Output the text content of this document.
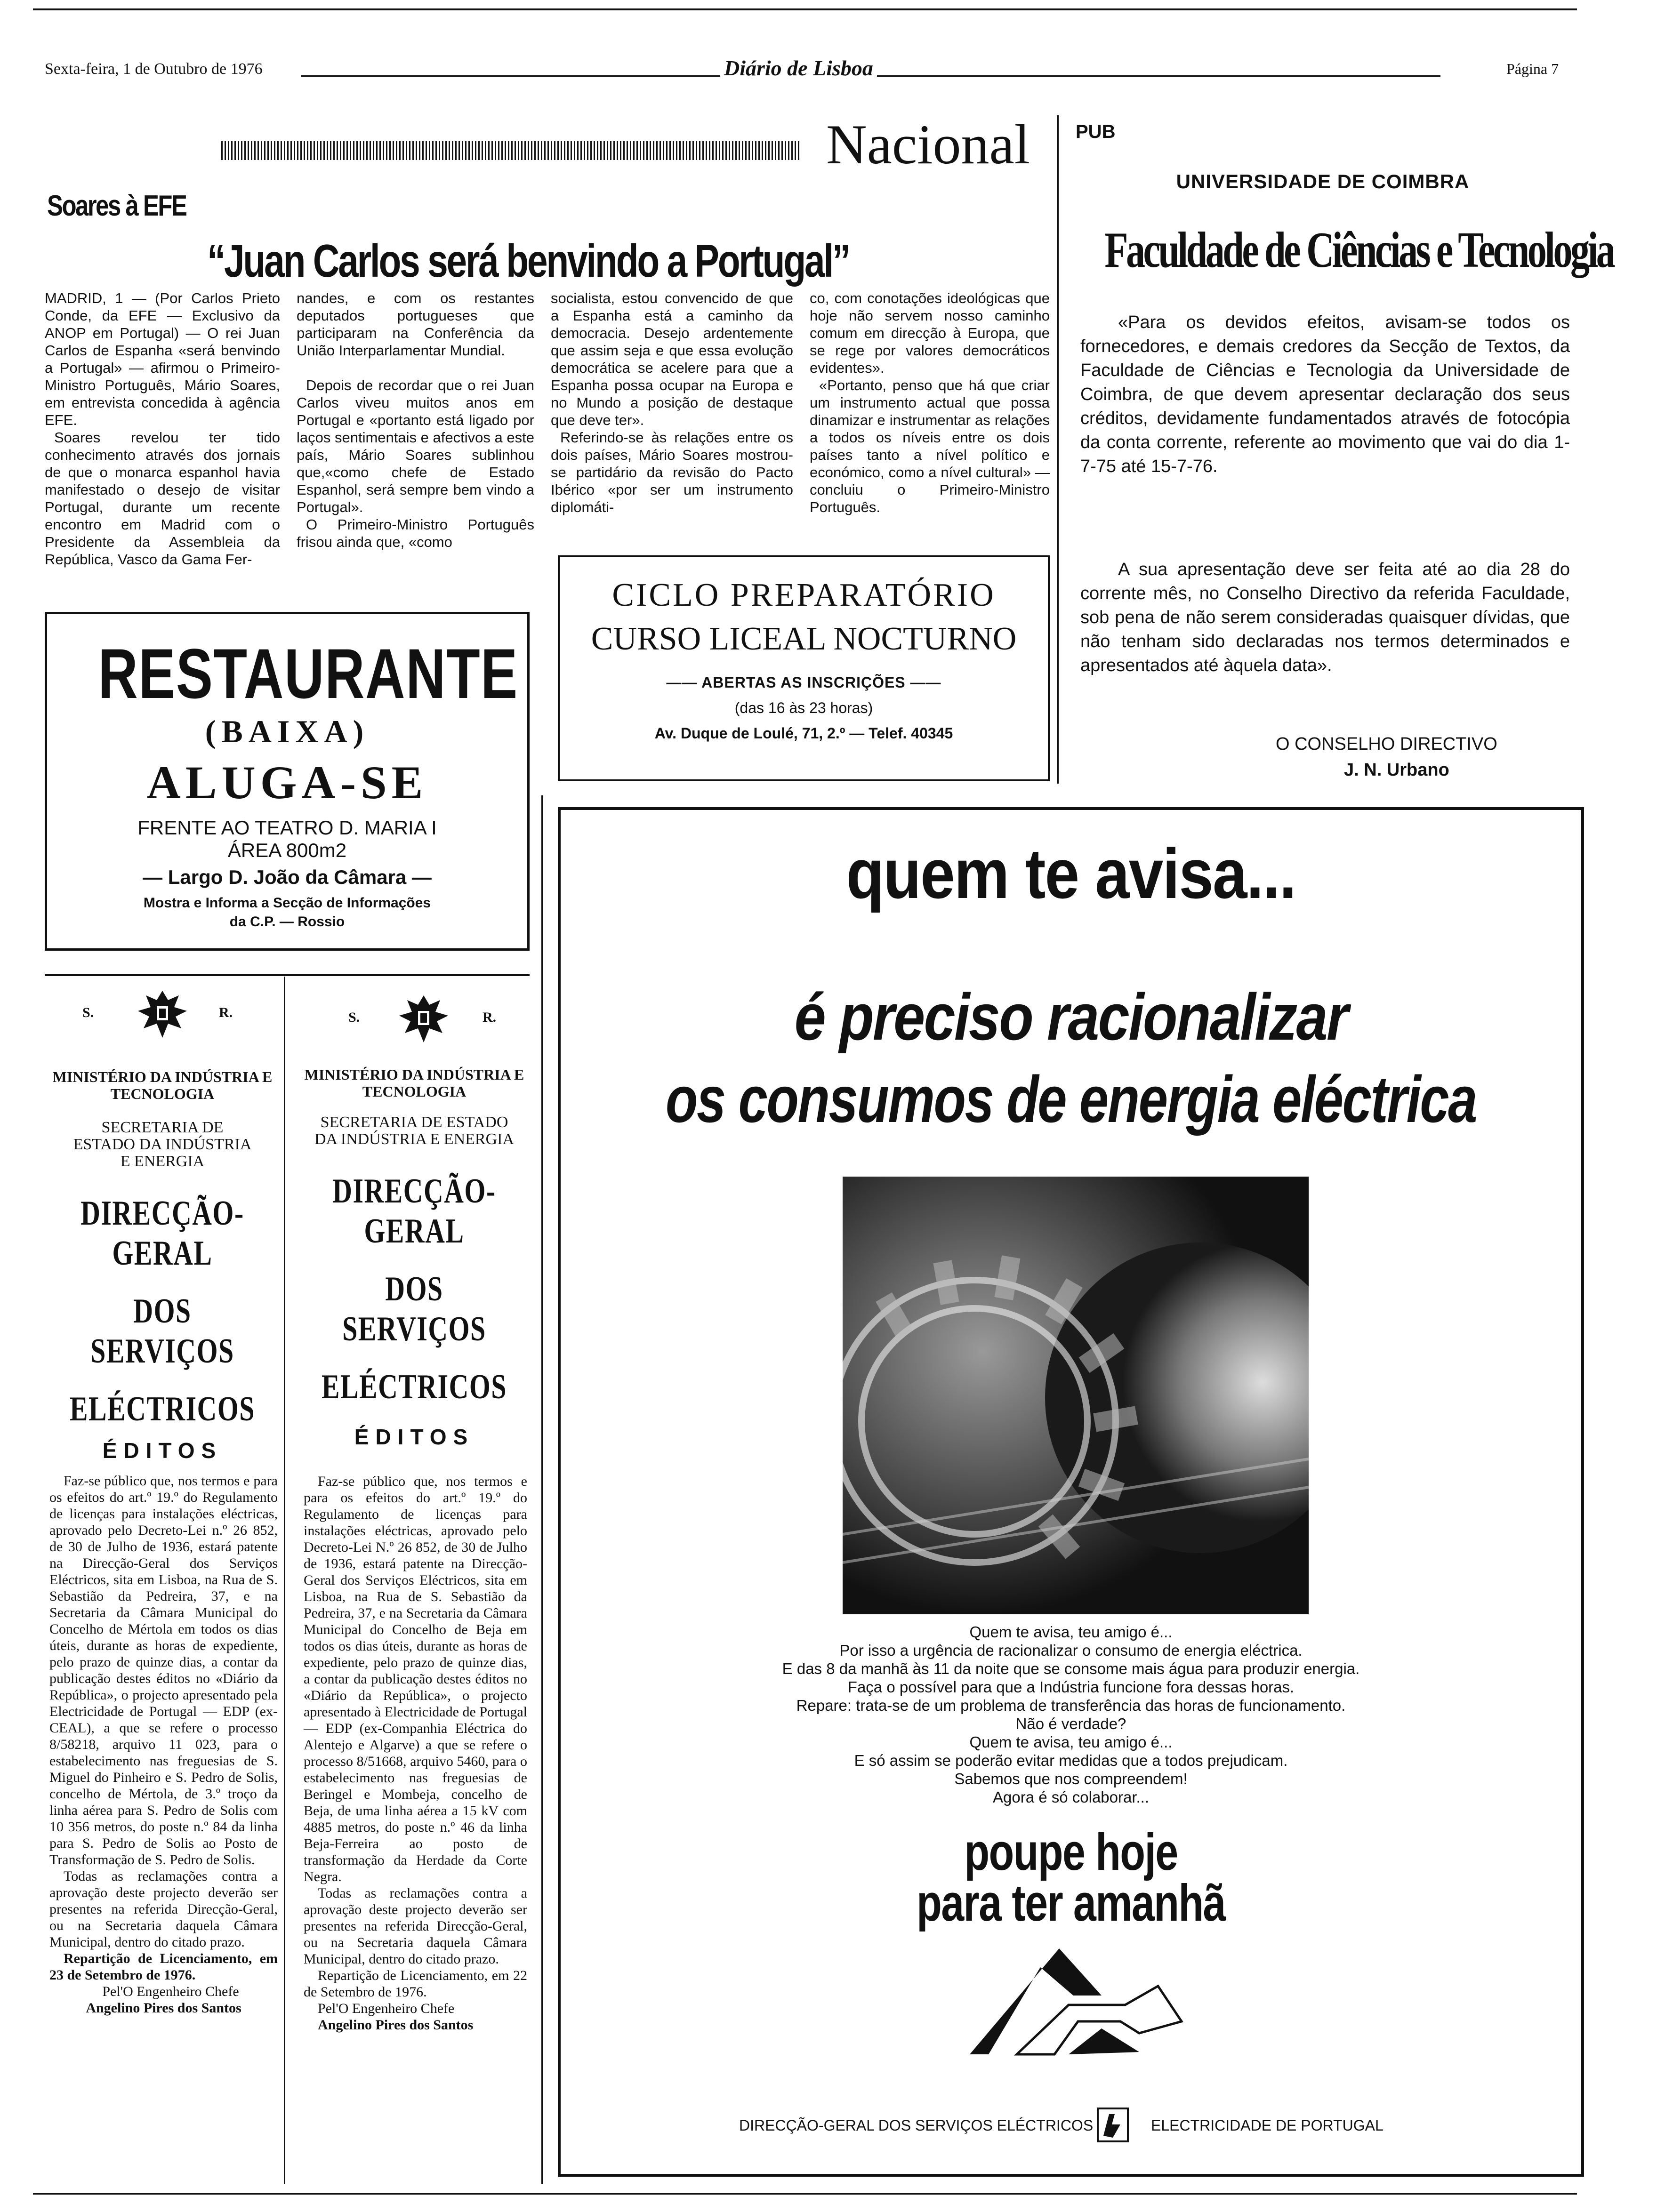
Sexta-feira, 1 de Outubro de 1976	Diário de Lisboa	Página 7
Nacional
Soares à EFE
“Juan Carlos será benvindo a Portugal”

MADRID, 1 — (Por Carlos Prieto Conde, da EFE — Exclusivo da ANOP em Portugal) — O rei Juan Carlos de Espanha «será benvindo a Portugal» — afirmou o Primeiro-Ministro Português, Mário Soares, em entrevista concedida à agência EFE.

Soares revelou ter tido conhecimento através dos jornais de que o monarca espanhol havia manifestado o desejo de visitar Portugal, durante um recente encontro em Madrid com o Presidente da Assembleia da República, Vasco da Gama Fer-

nandes, e com os restantes deputados portugueses que participaram na Conferência da União Interparlamentar Mundial.

Depois de recordar que o rei Juan Carlos viveu muitos anos em Portugal e «portanto está ligado por laços sentimentais e afectivos a este país, Mário Soares sublinhou que,«como chefe de Estado Espanhol, será sempre bem vindo a Portugal».

O Primeiro-Ministro Português frisou ainda que, «como

socialista, estou convencido de que a Espanha está a caminho da democracia. Desejo ardentemente que assim seja e que essa evolução democrática se acelere para que a Espanha possa ocupar na Europa e no Mundo a posição de destaque que deve ter».

Referindo-se às relações entre os dois países, Mário Soares mostrou-se partidário da revisão do Pacto Ibérico «por ser um instrumento diplomáti-

co, com conotações ideológicas que hoje não servem nosso caminho comum em direcção à Europa, que se rege por valores democráticos evidentes».

«Portanto, penso que há que criar um instrumento actual que possa dinamizar e instrumentar as relações a todos os níveis entre os dois países tanto a nível político e económico, como a nível cultural» — concluiu o Primeiro-Ministro Português.

PUB
UNIVERSIDADE DE COIMBRA
Faculdade de Ciências e Tecnologia
«Para os devidos efeitos, avisam-se todos os fornecedores, e demais credores da Secção de Textos, da Faculdade de Ciências e Tecnologia da Universidade de Coimbra, de que devem apresentar declaração dos seus créditos, devidamente fundamentados através de fotocópia da conta corrente, referente ao movimento que vai do dia 1-7-75 até 15-7-76.
A sua apresentação deve ser feita até ao dia 28 do corrente mês, no Conselho Directivo da referida Faculdade, sob pena de não serem consideradas quaisquer dívidas, que não tenham sido declaradas nos termos determinados e apresentados até àquela data».
O CONSELHO DIRECTIVO
J. N. Urbano
CICLO PREPARATÓRIO
CURSO LICEAL NOCTURNO
—— ABERTAS AS INSCRIÇÕES ——
(das 16 às 23 horas)
Av. Duque de Loulé, 71, 2.º — Telef. 40345
RESTAURANTE
(BAIXA)
ALUGA-SE
FRENTE AO TEATRO D. MARIA I
ÁREA 800m2
— Largo D. João da Câmara —
Mostra e Informa a Secção de Informações
da C.P. — Rossio
S.	R.
MINISTÉRIO DA INDÚSTRIA E TECNOLOGIA
SECRETARIA DE ESTADO DA INDÚSTRIA E ENERGIA
DIRECÇÃO-GERAL
DOS SERVIÇOS
ELÉCTRICOS
ÉDITOS

Faz-se público que, nos termos e para os efeitos do art.º 19.º do Regulamento de licenças para instalações eléctricas, aprovado pelo Decreto-Lei n.º 26 852, de 30 de Julho de 1936, estará patente na Direcção-Geral dos Serviços Eléctricos, sita em Lisboa, na Rua de S. Sebastião da Pedreira, 37, e na Secretaria da Câmara Municipal do Concelho de Mértola em todos os dias úteis, durante as horas de expediente, pelo prazo de quinze dias, a contar da publicação destes éditos no «Diário da República», o projecto apresentado pela Electricidade de Portugal — EDP (ex-CEAL), a que se refere o processo 8/58218, arquivo 11 023, para o estabelecimento nas freguesias de S. Miguel do Pinheiro e S. Pedro de Solis, concelho de Mértola, de 3.º troço da linha aérea para S. Pedro de Solis com 10 356 metros, do poste n.º 84 da linha para S. Pedro de Solis ao Posto de Transformação de S. Pedro de Solis.

Todas as reclamações contra a aprovação deste projecto deverão ser presentes na referida Direcção-Geral, ou na Secretaria daquela Câmara Municipal, dentro do citado prazo.

Repartição de Licenciamento, em 23 de Setembro de 1976.

Pel'O Engenheiro Chefe

Angelino Pires dos Santos

S.	R.
MINISTÉRIO DA INDÚSTRIA E TECNOLOGIA
SECRETARIA DE ESTADO DA INDÚSTRIA E ENERGIA
DIRECÇÃO-GERAL
DOS SERVIÇOS
ELÉCTRICOS
ÉDITOS

Faz-se público que, nos termos e para os efeitos do art.º 19.º do Regulamento de licenças para instalações eléctricas, aprovado pelo Decreto-Lei N.º 26 852, de 30 de Julho de 1936, estará patente na Direcção-Geral dos Serviços Eléctricos, sita em Lisboa, na Rua de S. Sebastião da Pedreira, 37, e na Secretaria da Câmara Municipal do Concelho de Beja em todos os dias úteis, durante as horas de expediente, pelo prazo de quinze dias, a contar da publicação destes éditos no «Diário da República», o projecto apresentado à Electricidade de Portugal — EDP (ex-Companhia Eléctrica do Alentejo e Algarve) a que se refere o processo 8/51668, arquivo 5460, para o estabelecimento nas freguesias de Beringel e Mombeja, concelho de Beja, de uma linha aérea a 15 kV com 4885 metros, do poste n.º 46 da linha Beja-Ferreira ao posto de transformação da Herdade da Corte Negra.

Todas as reclamações contra a aprovação deste projecto deverão ser presentes na referida Direcção-Geral, ou na Secretaria daquela Câmara Municipal, dentro do citado prazo.

Repartição de Licenciamento, em 22 de Setembro de 1976.

Pel'O Engenheiro Chefe

Angelino Pires dos Santos

quem te avisa...
é preciso racionalizar
os consumos de energia eléctrica
Quem te avisa, teu amigo é...
Por isso a urgência de racionalizar o consumo de energia eléctrica.
E das 8 da manhã às 11 da noite que se consome mais água para produzir energia.
Faça o possível para que a Indústria funcione fora dessas horas.
Repare: trata-se de um problema de transferência das horas de funcionamento.
Não é verdade?
Quem te avisa, teu amigo é...
E só assim se poderão evitar medidas que a todos prejudicam.
Sabemos que nos compreendem!
Agora é só colaborar...
poupe hoje
para ter amanhã
DIRECÇÃO-GERAL DOS SERVIÇOS ELÉCTRICOS	ELECTRICIDADE DE PORTUGAL
